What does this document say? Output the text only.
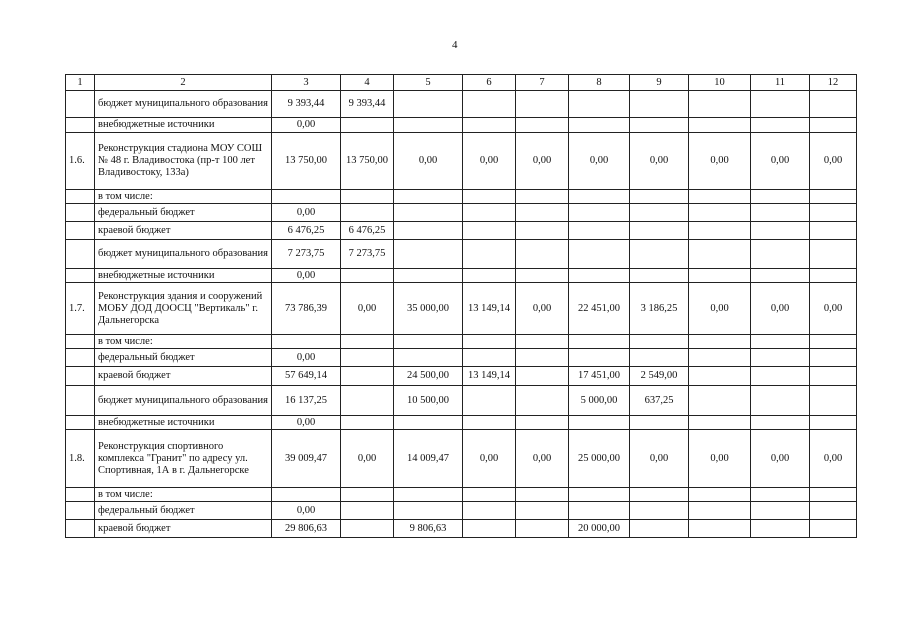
4
1	2	3	4	5	6	7	8	9	10	11	12
	бюджет муниципального образования	9 393,44	9 393,44								
	внебюджетные источники	0,00									
1.6.	Реконструкция стадиона МОУ СОШ № 48 г. Владивостока (пр-т 100 лет Владивостоку, 133а)	13 750,00	13 750,00	0,00	0,00	0,00	0,00	0,00	0,00	0,00	0,00
	в том числе:										
	федеральный бюджет	0,00									
	краевой бюджет	6 476,25	6 476,25								
	бюджет муниципального образования	7 273,75	7 273,75								
	внебюджетные источники	0,00									
1.7.	Реконструкция здания и сооружений МОБУ ДОД ДООСЦ "Вертикаль" г. Дальнегорска	73 786,39	0,00	35 000,00	13 149,14	0,00	22 451,00	3 186,25	0,00	0,00	0,00
	в том числе:										
	федеральный бюджет	0,00									
	краевой бюджет	57 649,14		24 500,00	13 149,14		17 451,00	2 549,00			
	бюджет муниципального образования	16 137,25		10 500,00			5 000,00	637,25			
	внебюджетные источники	0,00									
1.8.	Реконструкция спортивного комплекса "Гранит" по адресу ул. Спортивная, 1А в г. Дальнегорске	39 009,47	0,00	14 009,47	0,00	0,00	25 000,00	0,00	0,00	0,00	0,00
	в том числе:										
	федеральный бюджет	0,00									
	краевой бюджет	29 806,63		9 806,63			20 000,00				
